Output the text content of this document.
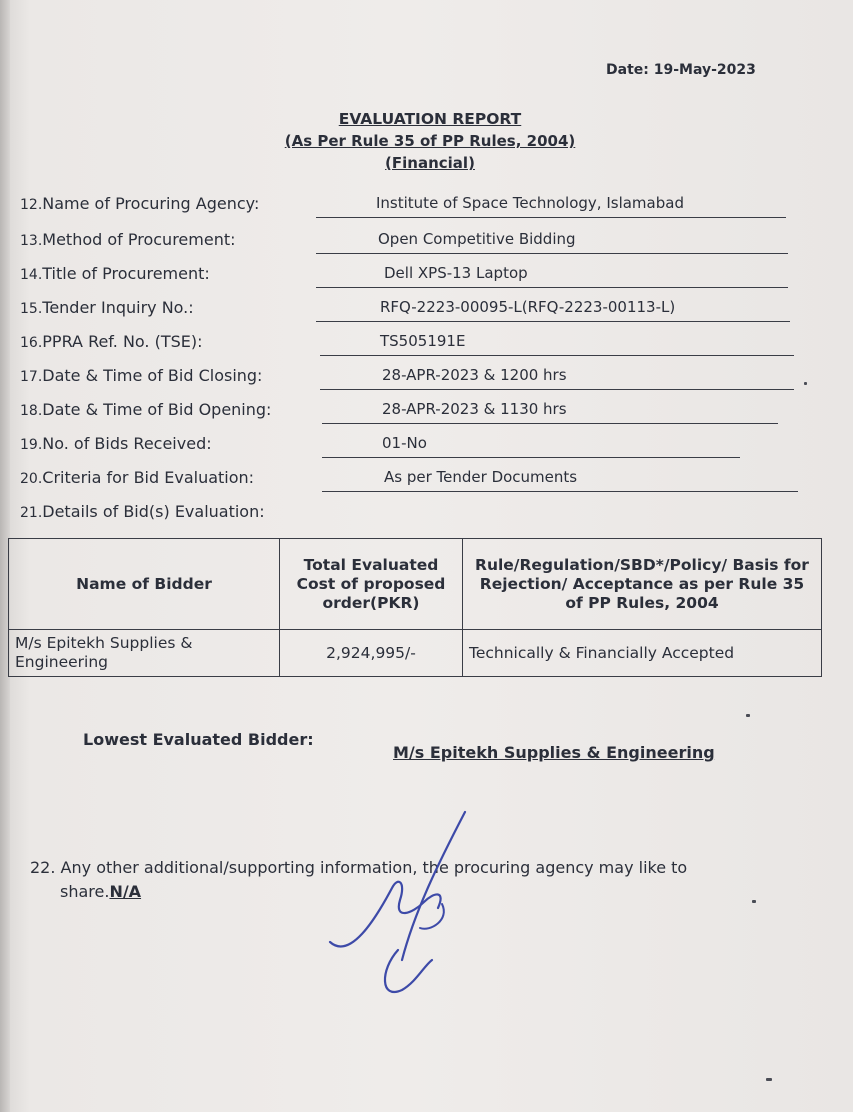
Date: 19-May-2023
EVALUATION REPORT
(As Per Rule 35 of PP Rules, 2004)
(Financial)
12.Name of Procuring Agency:	Institute of Space Technology, Islamabad
13.Method of Procurement:	Open Competitive Bidding
14.Title of Procurement:	Dell XPS-13 Laptop
15.Tender Inquiry No.:	RFQ-2223-00095-L(RFQ-2223-00113-L)
16.PPRA Ref. No. (TSE):	TS505191E
17.Date & Time of Bid Closing:	28-APR-2023 & 1200 hrs
18.Date & Time of Bid Opening:	28-APR-2023 & 1130 hrs
19.No. of Bids Received:	01-No
20.Criteria for Bid Evaluation:	As per Tender Documents
21.Details of Bid(s) Evaluation:
Name of Bidder	Total Evaluated Cost of proposed order(PKR)	Rule/Regulation/SBD*/Policy/ Basis for Rejection/ Acceptance as per Rule 35 of PP Rules, 2004
M/s Epitekh Supplies & Engineering	2,924,995/-	Technically & Financially Accepted
Lowest Evaluated Bidder:
M/s Epitekh Supplies & Engineering
22. Any other additional/supporting information, the procuring agency may like to
share.N/A
